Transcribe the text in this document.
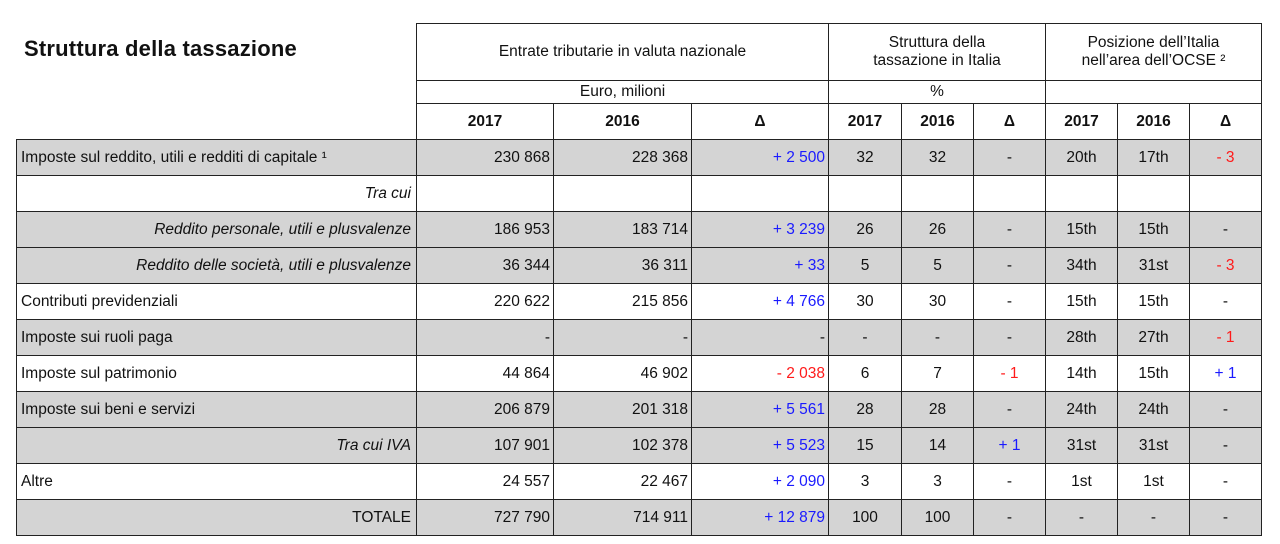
Struttura della tassazione
		Entrate tributarie in valuta nazionale			Struttura della
tassazione in Italia			Posizione dell’Italia
nell’area dell’OCSE ²		
	Euro, milioni			%					
	2017	2016	Δ	2017	2016	Δ	2017	2016	Δ
Imposte sul reddito, utili e redditi di capitale ¹	230 868	228 368	+ 2 500	32	32	-	20th	17th	- 3
Tra cui									
Reddito personale, utili e plusvalenze	186 953	183 714	+ 3 239	26	26	-	15th	15th	-
Reddito delle società, utili e plusvalenze	36 344	36 311	+ 33	5	5	-	34th	31st	- 3
Contributi previdenziali	220 622	215 856	+ 4 766	30	30	-	15th	15th	-
Imposte sui ruoli paga	-	-	-	-	-	-	28th	27th	- 1
Imposte sul patrimonio	44 864	46 902	- 2 038	6	7	- 1	14th	15th	+ 1
Imposte sui beni e servizi	206 879	201 318	+ 5 561	28	28	-	24th	24th	-
Tra cui IVA	107 901	102 378	+ 5 523	15	14	+ 1	31st	31st	-
Altre	24 557	22 467	+ 2 090	3	3	-	1st	1st	-
TOTALE	727 790	714 911	+ 12 879	100	100	-	-	-	-
